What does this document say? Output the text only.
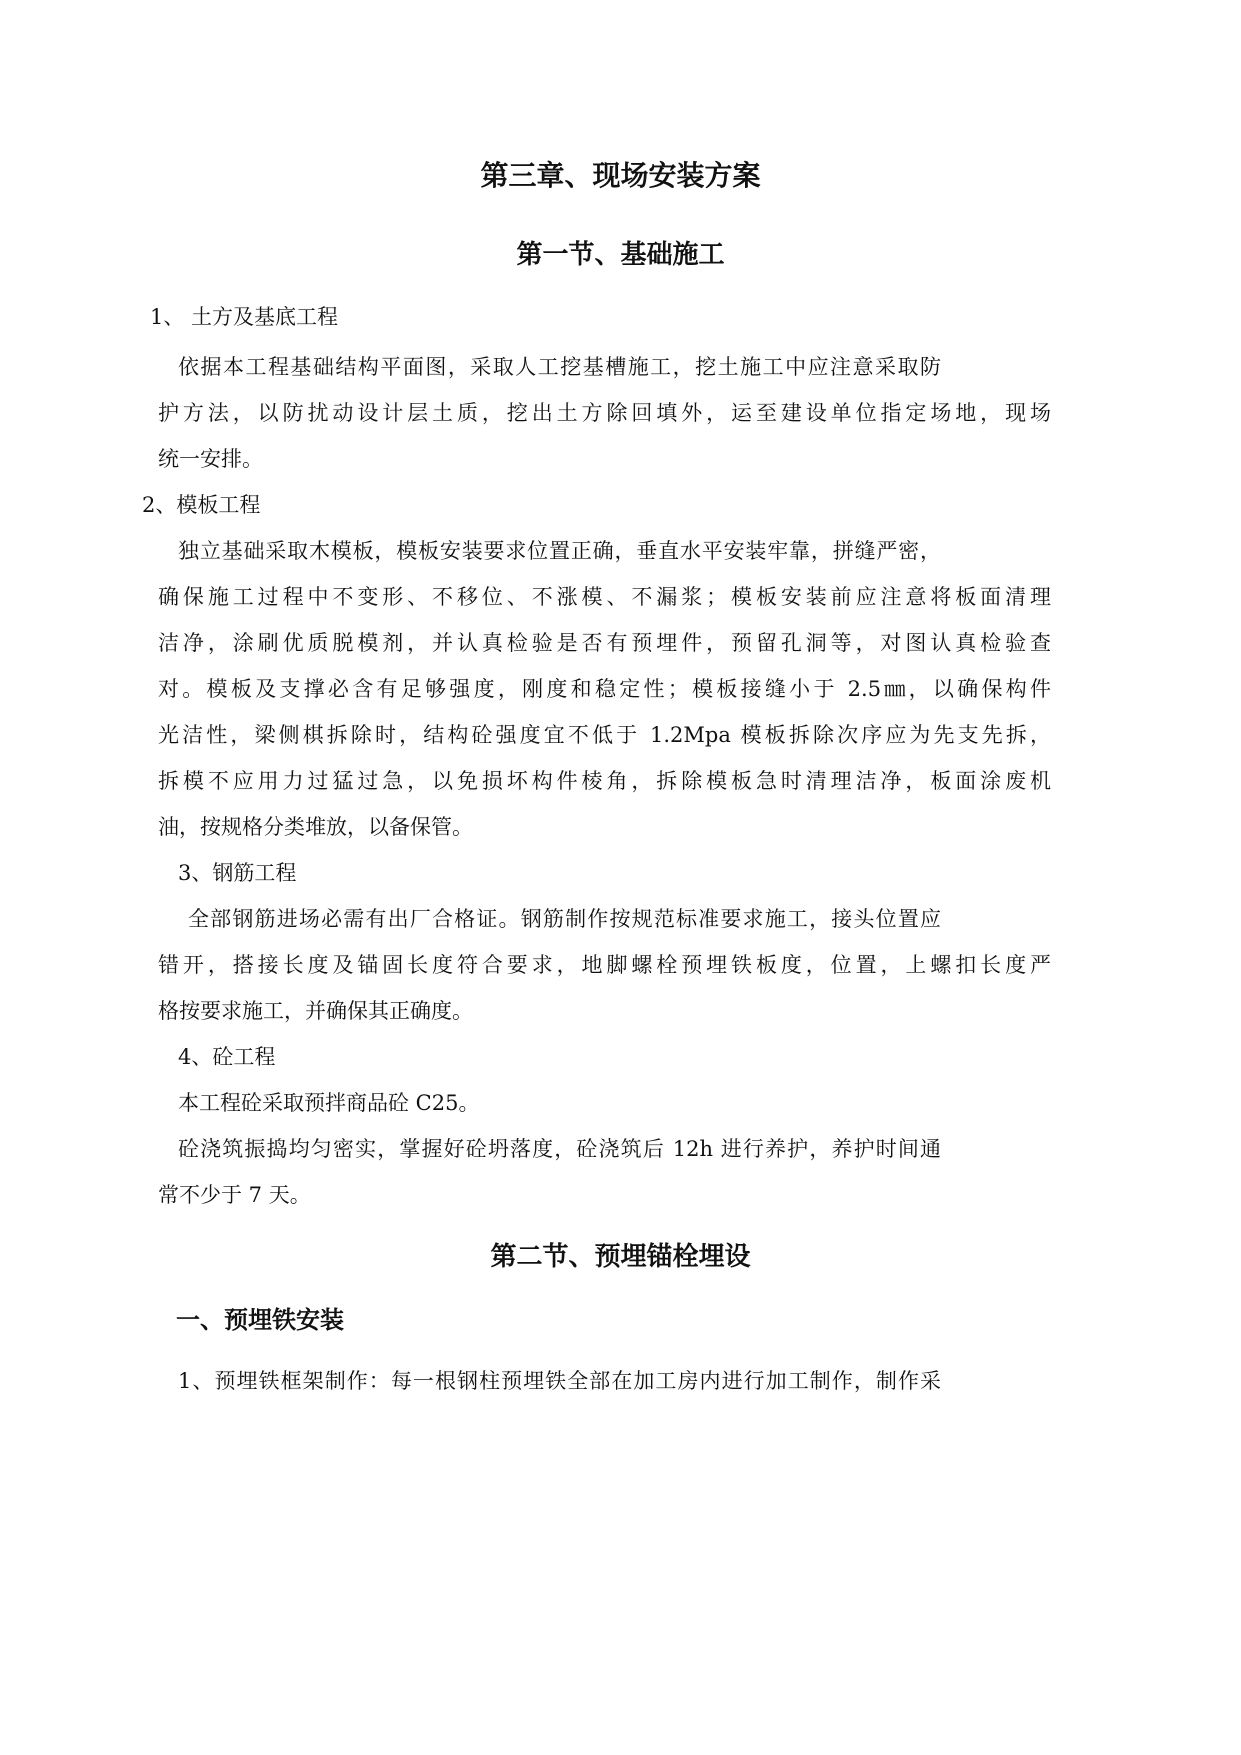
第三章、现场安装方案
第一节、基础施工
1、 土方及基底工程
依据本工程基础结构平面图，采取人工挖基槽施工，挖土施工中应注意采取防
护方法，以防扰动设计层土质，挖出土方除回填外，运至建设单位指定场地，现场
统一安排。
2、模板工程
独立基础采取木模板，模板安装要求位置正确，垂直水平安装牢靠，拼缝严密，
确保施工过程中不变形、不移位、不涨模、不漏浆；模板安装前应注意将板面清理
洁净，涂刷优质脱模剂，并认真检验是否有预埋件，预留孔洞等，对图认真检验查
对。模板及支撑必含有足够强度，刚度和稳定性；模板接缝小于 2.5㎜，以确保构件
光洁性，梁侧棋拆除时，结构砼强度宜不低于 1.2Mpa 模板拆除次序应为先支先拆，
拆模不应用力过猛过急，以免损坏构件棱角，拆除模板急时清理洁净，板面涂废机
油，按规格分类堆放，以备保管。
3、钢筋工程
全部钢筋进场必需有出厂合格证。钢筋制作按规范标准要求施工，接头位置应
错开，搭接长度及锚固长度符合要求，地脚螺栓预埋铁板度，位置，上螺扣长度严
格按要求施工，并确保其正确度。
4、砼工程
本工程砼采取预拌商品砼 C25。
砼浇筑振捣均匀密实，掌握好砼坍落度，砼浇筑后 12h 进行养护，养护时间通
常不少于 7 天。
第二节、预埋锚栓埋设
一、预埋铁安装
1、预埋铁框架制作：每一根钢柱预埋铁全部在加工房内进行加工制作，制作采
